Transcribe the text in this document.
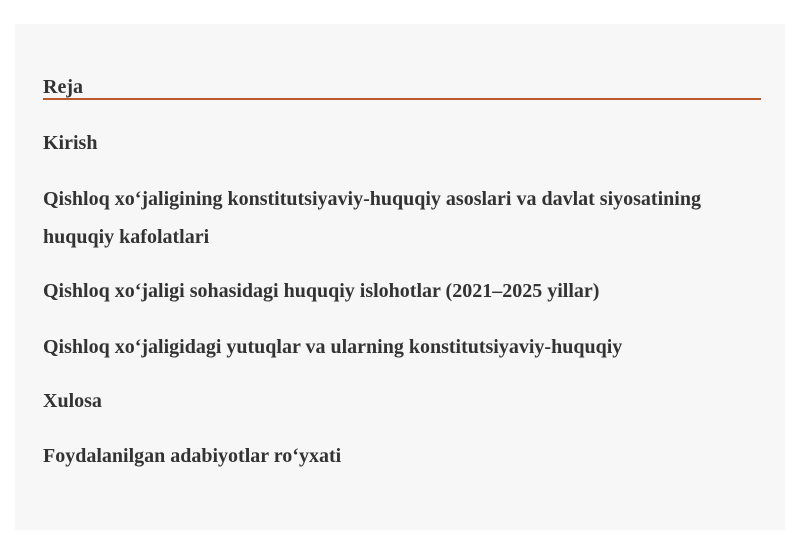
Reja
Kirish
Qishloq xo‘jaligining konstitutsiyaviy-huquqiy asoslari va davlat siyosatining huquqiy kafolatlari
Qishloq xo‘jaligi sohasidagi huquqiy islohotlar (2021–2025 yillar)
Qishloq xo‘jaligidagi yutuqlar va ularning konstitutsiyaviy-huquqiy
Xulosa
Foydalanilgan adabiyotlar ro‘yxati
